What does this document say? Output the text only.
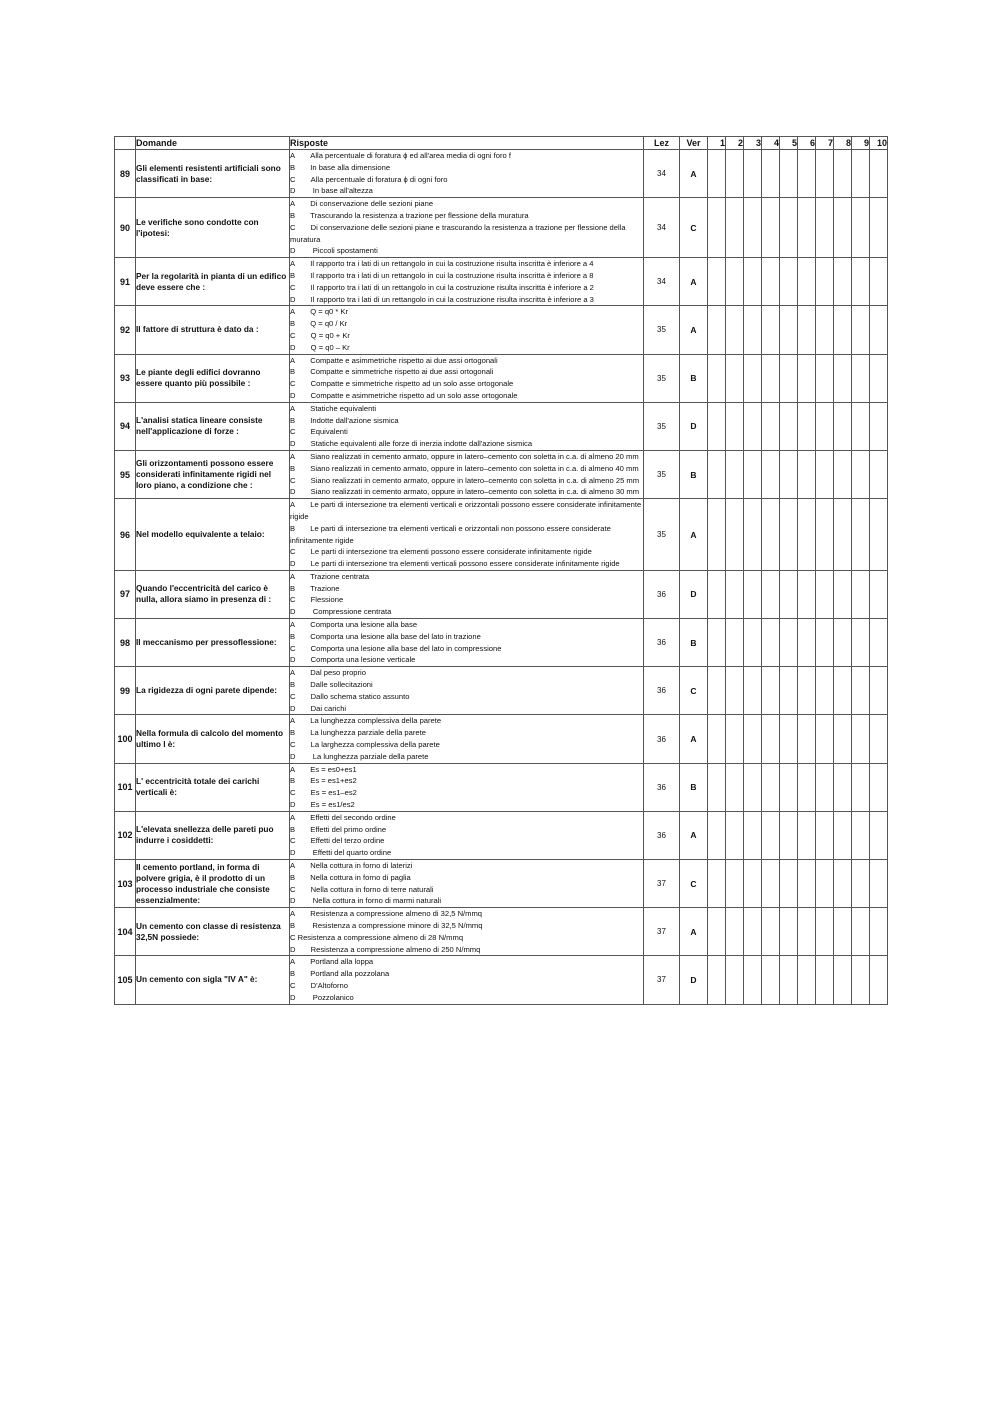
	Domande	Risposte	Lez	Ver	1	2	3	4	5	6	7	8	9	10
89	Gli elementi resistenti artificiali sono classificati in base:	A  Alla percentuale di foratura ϕ ed all'area media di ogni foro f
B  In base alla dimensione
C  Alla percentuale di foratura ϕ di ogni foro
D   In base all'altezza	34	A										
90	Le verifiche sono condotte con l'ipotesi:	A  Di conservazione delle sezioni piane
B  Trascurando la resistenza a trazione per flessione della muratura
C  Di conservazione delle sezioni piane e trascurando la resistenza a trazione per flessione della muratura
D   Piccoli spostamenti	34	C										
91	Per la regolarità in pianta di un edifico deve essere che :	A  Il rapporto tra i lati di un rettangolo in cui la costruzione risulta inscritta è inferiore a 4
B  Il rapporto tra i lati di un rettangolo in cui la costruzione risulta inscritta è inferiore a 8
C  Il rapporto tra i lati di un rettangolo in cui la costruzione risulta inscritta è inferiore a 2
D  Il rapporto tra i lati di un rettangolo in cui la costruzione risulta inscritta è inferiore a 3	34	A										
92	Il fattore di struttura è dato da :	A  Q = q0 * Kr
B  Q = q0 / Kr
C  Q = q0 + Kr
D  Q = q0 – Kr	35	A										
93	Le piante degli edifici dovranno essere quanto più possibile :	A  Compatte e asimmetriche rispetto ai due assi ortogonali
B  Compatte e simmetriche rispetto ai due assi ortogonali
C  Compatte e simmetriche rispetto ad un solo asse ortogonale
D  Compatte e asimmetriche rispetto ad un solo asse ortogonale	35	B										
94	L'analisi statica lineare consiste nell'applicazione di forze :	A  Statiche equivalenti
B  Indotte dall'azione sismica
C  Equivalenti
D  Statiche equivalenti alle forze di inerzia indotte dall'azione sismica	35	D										
95	Gli orizzontamenti possono essere considerati infinitamente rigidi nel loro piano, a condizione che :	A  Siano realizzati in cemento armato, oppure in latero–cemento con soletta in c.a. di almeno 20 mm
B  Siano realizzati in cemento armato, oppure in latero–cemento con soletta in c.a. di almeno 40 mm
C  Siano realizzati in cemento armato, oppure in latero–cemento con soletta in c.a. di almeno 25 mm
D  Siano realizzati in cemento armato, oppure in latero–cemento con soletta in c.a. di almeno 30 mm	35	B										
96	Nel modello equivalente a telaio:	A  Le parti di intersezione tra elementi verticali e orizzontali possono essere considerate infinitamente rigide
B  Le parti di intersezione tra elementi verticali e orizzontali non possono essere considerate infinitamente rigide
C  Le parti di intersezione tra elementi possono essere considerate infinitamente rigide
D  Le parti di intersezione tra elementi verticali possono essere considerate infinitamente rigide	35	A										
97	Quando l'eccentricità del carico è nulla, allora siamo in presenza di :	A  Trazione centrata
B  Trazione
C  Flessione
D   Compressione centrata	36	D										
98	Il meccanismo per pressoflessione:	A  Comporta una lesione alla base
B  Comporta una lesione alla base del lato in trazione
C  Comporta una lesione alla base del lato in compressione
D  Comporta una lesione verticale	36	B										
99	La rigidezza di ogni parete dipende:	A  Dal peso proprio
B  Dalle sollecitazioni
C  Dallo schema statico assunto
D  Dai carichi	36	C										
100	Nella formula di calcolo del momento ultimo l è:	A  La lunghezza complessiva della parete
B  La lunghezza parziale della parete
C  La larghezza complessiva della parete
D   La lunghezza parziale della parete	36	A										
101	L' eccentricità totale dei carichi verticali è:	A  Es = es0+es1
B  Es = es1+es2
C  Es = es1–es2
D  Es = es1/es2	36	B										
102	L'elevata snellezza delle pareti puo indurre i cosiddetti:	A  Effetti del secondo ordine
B  Effetti del primo ordine
C  Effetti del terzo ordine
D   Effetti del quarto ordine	36	A										
103	Il cemento portland, in forma di polvere grigia, è il prodotto di un processo industriale che consiste essenzialmente:	A  Nella cottura in forno di laterizi
B  Nella cottura in forno di paglia
C  Nella cottura in forno di terre naturali
D   Nella cottura in forno di marmi naturali	37	C										
104	Un cemento con classe di resistenza 32,5N possiede:	A  Resistenza a compressione almeno di 32,5 N/mmq
B   Resistenza a compressione minore di 32,5 N/mmq
C Resistenza a compressione almeno di 28 N/mmq
D  Resistenza a compressione almeno di 250 N/mmq	37	A										
105	Un cemento con sigla "IV A" è:	A  Portland alla loppa
B  Portland alla pozzolana
C  D'Altoforno
D   Pozzolanico	37	D										
